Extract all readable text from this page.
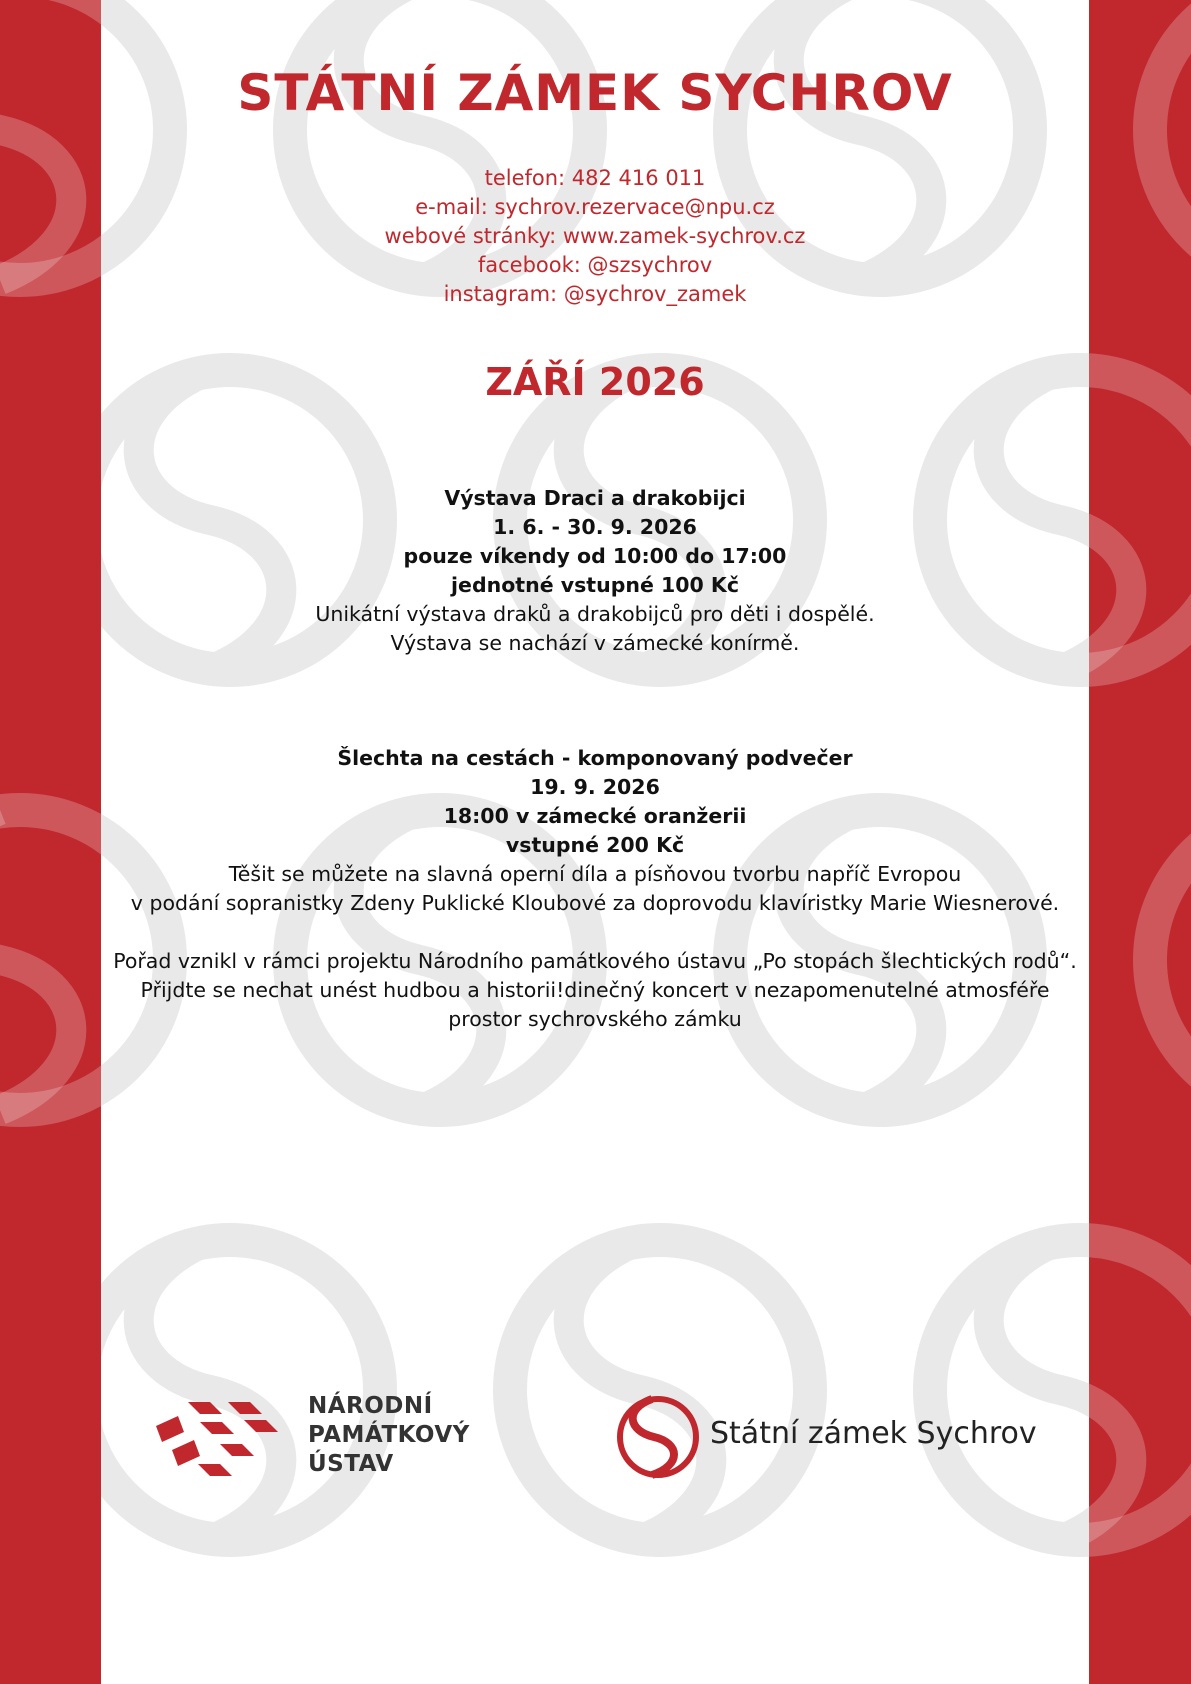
STÁTNÍ ZÁMEK SYCHROV
telefon: 482 416 011
e-mail: sychrov.rezervace@npu.cz
webové stránky: www.zamek-sychrov.cz
facebook: @szsychrov
instagram: @sychrov_zamek
ZÁŘÍ 2026
Výstava Draci a drakobijci
1. 6. - 30. 9. 2026
pouze víkendy od 10:00 do 17:00
jednotné vstupné 100 Kč
Unikátní výstava draků a drakobijců pro děti i dospělé.
Výstava se nachází v zámecké konírmě.
Šlechta na cestách - komponovaný podvečer
19. 9. 2026
18:00 v zámecké oranžerii
vstupné 200 Kč
Těšit se můžete na slavná operní díla a písňovou tvorbu napříč Evropou
v podání sopranistky Zdeny Puklické Kloubové za doprovodu klavíristky Marie Wiesnerové.
Pořad vznikl v rámci projektu Národního památkového ústavu „Po stopách šlechtických rodů“.
Přijdte se nechat unést hudbou a historii!dinečný koncert v nezapomenutelné atmosféře
prostor sychrovského zámku
NÁRODNÍ
PAMÁTKOVÝ
ÚSTAV
Státní zámek Sychrov
